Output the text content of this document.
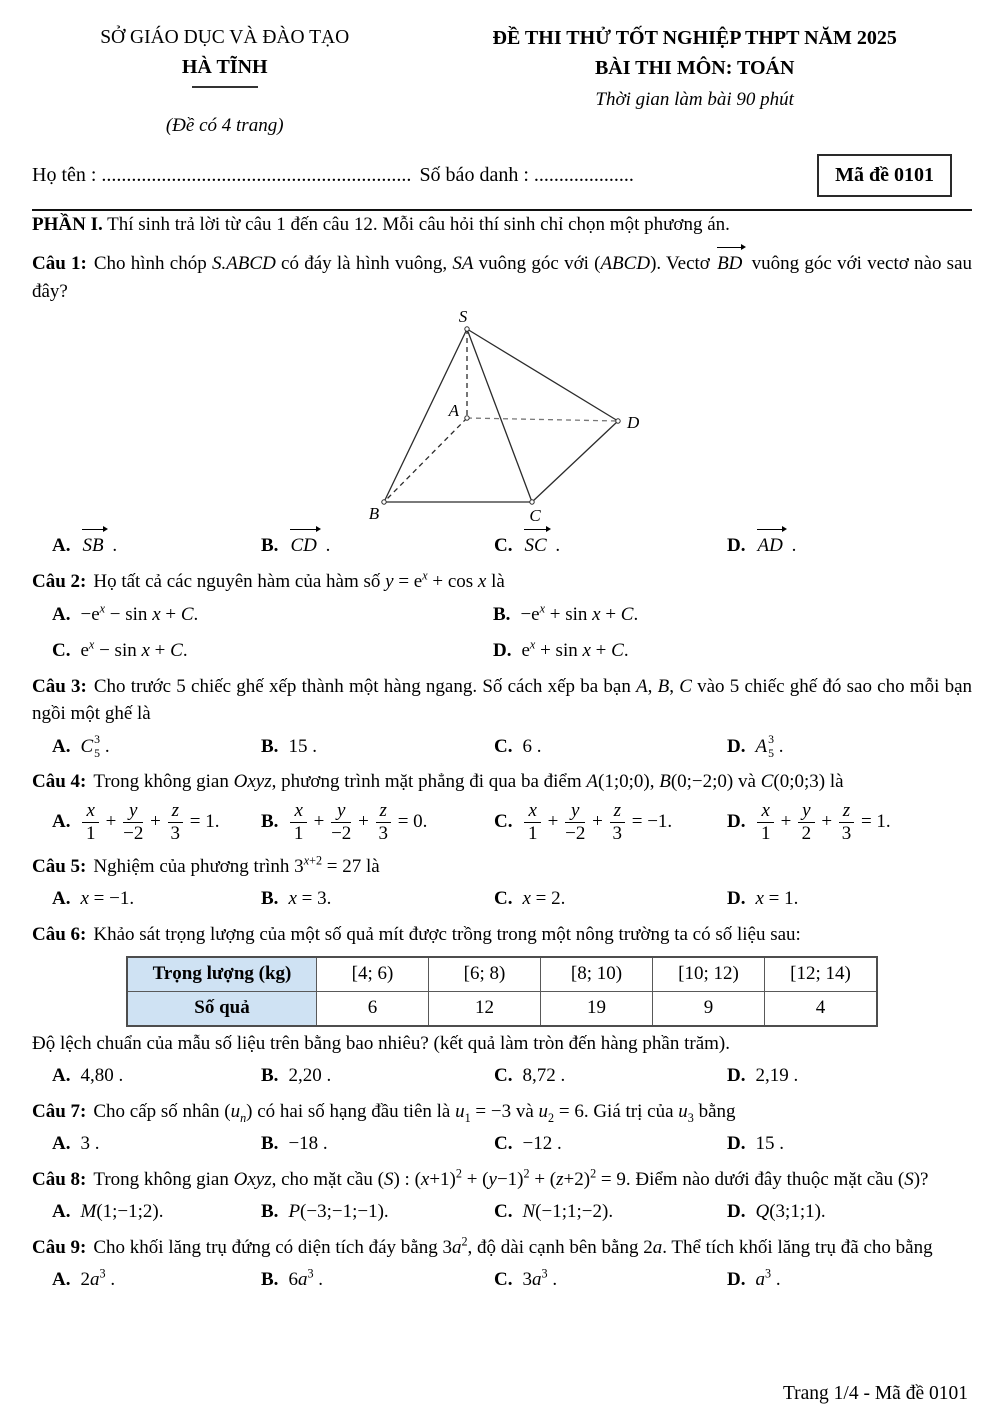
SỞ GIÁO DỤC VÀ ĐÀO TẠO
HÀ TĨNH
(Đề có 4 trang)
ĐỀ THI THỬ TỐT NGHIỆP THPT NĂM 2025
BÀI THI MÔN: TOÁN
Thời gian làm bài 90 phút
Họ tên : .............................................................. Số báo danh : ....................	Mã đề 0101

PHẦN I. Thí sinh trả lời từ câu 1 đến câu 12. Mỗi câu hỏi thí sinh chỉ chọn một phương án.

Câu 1: Cho hình chóp S.ABCD có đáy là hình vuông, SA vuông góc với (ABCD). Vectơ BD vuông góc với vectơ nào sau đây?

S
A
D
B	C
A. SB .	B. CD .	C. SC .	D. AD .

Câu 2: Họ tất cả các nguyên hàm của hàm số $y = e^x + \cos x$ là

A. $-e^x - \sin x + C$.	B. $-e^x + \sin x + C$.
C. $e^x - \sin x + C$.	D. $e^x + \sin x + C$.

Câu 3: Cho trước 5 chiếc ghế xếp thành một hàng ngang. Số cách xếp ba bạn A, B, C vào 5 chiếc ghế đó sao cho mỗi bạn ngồi một ghế là

A. C 3
5 .	B. 15 .	C. 6 .	D. A 3
5 .

Câu 4: Trong không gian Oxyz, phương trình mặt phẳng đi qua ba điểm A(1;0;0), B(0;−2;0) và C(0;0;3) là

A. $\frac{x}{1} + \frac{y}{-2} + \frac{z}{3} = 1$.	B. $\frac{x}{1} + \frac{y}{-2} + \frac{z}{3} = 0$.	C. $\frac{x}{1} + \frac{y}{-2} + \frac{z}{3} = -1$.	D. $\frac{x}{1} + \frac{y}{2} + \frac{z}{3} = 1$.

Câu 5: Nghiệm của phương trình $3^{x+2} = 27$ là

A. x = −1.	B. x = 3.	C. x = 2.	D. x = 1.

Câu 6: Khảo sát trọng lượng của một số quả mít được trồng trong một nông trường ta có số liệu sau:

Trọng lượng (kg)	[4; 6)	[6; 8)	[8; 10)	[10; 12)	[12; 14)
Số quả	6	12	19	9	4

Độ lệch chuẩn của mẫu số liệu trên bằng bao nhiêu? (kết quả làm tròn đến hàng phần trăm).

A. 4,80 .	B. 2,20 .	C. 8,72 .	D. 2,19 .

Câu 7: Cho cấp số nhân $(u_n)$ có hai số hạng đầu tiên là $u_1 = -3$ và $u_2 = 6$. Giá trị của $u_3$ bằng

A. 3 .	B. −18 .	C. −12 .	D. 15 .

Câu 8: Trong không gian Oxyz, cho mặt cầu (S) : $(x+1)^2 + (y-1)^2 + (z+2)^2 = 9$. Điểm nào dưới đây thuộc mặt cầu (S)?

A. M(1;−1;2).	B. P(−3;−1;−1).	C. N(−1;1;−2).	D. Q(3;1;1).

Câu 9: Cho khối lăng trụ đứng có diện tích đáy bằng $3a^2$, độ dài cạnh bên bằng 2a. Thể tích khối lăng trụ đã cho bằng

A. $2a^3$ .	B. $6a^3$ .	C. $3a^3$ .	D. $a^3$ .
Trang 1/4 - Mã đề 0101
